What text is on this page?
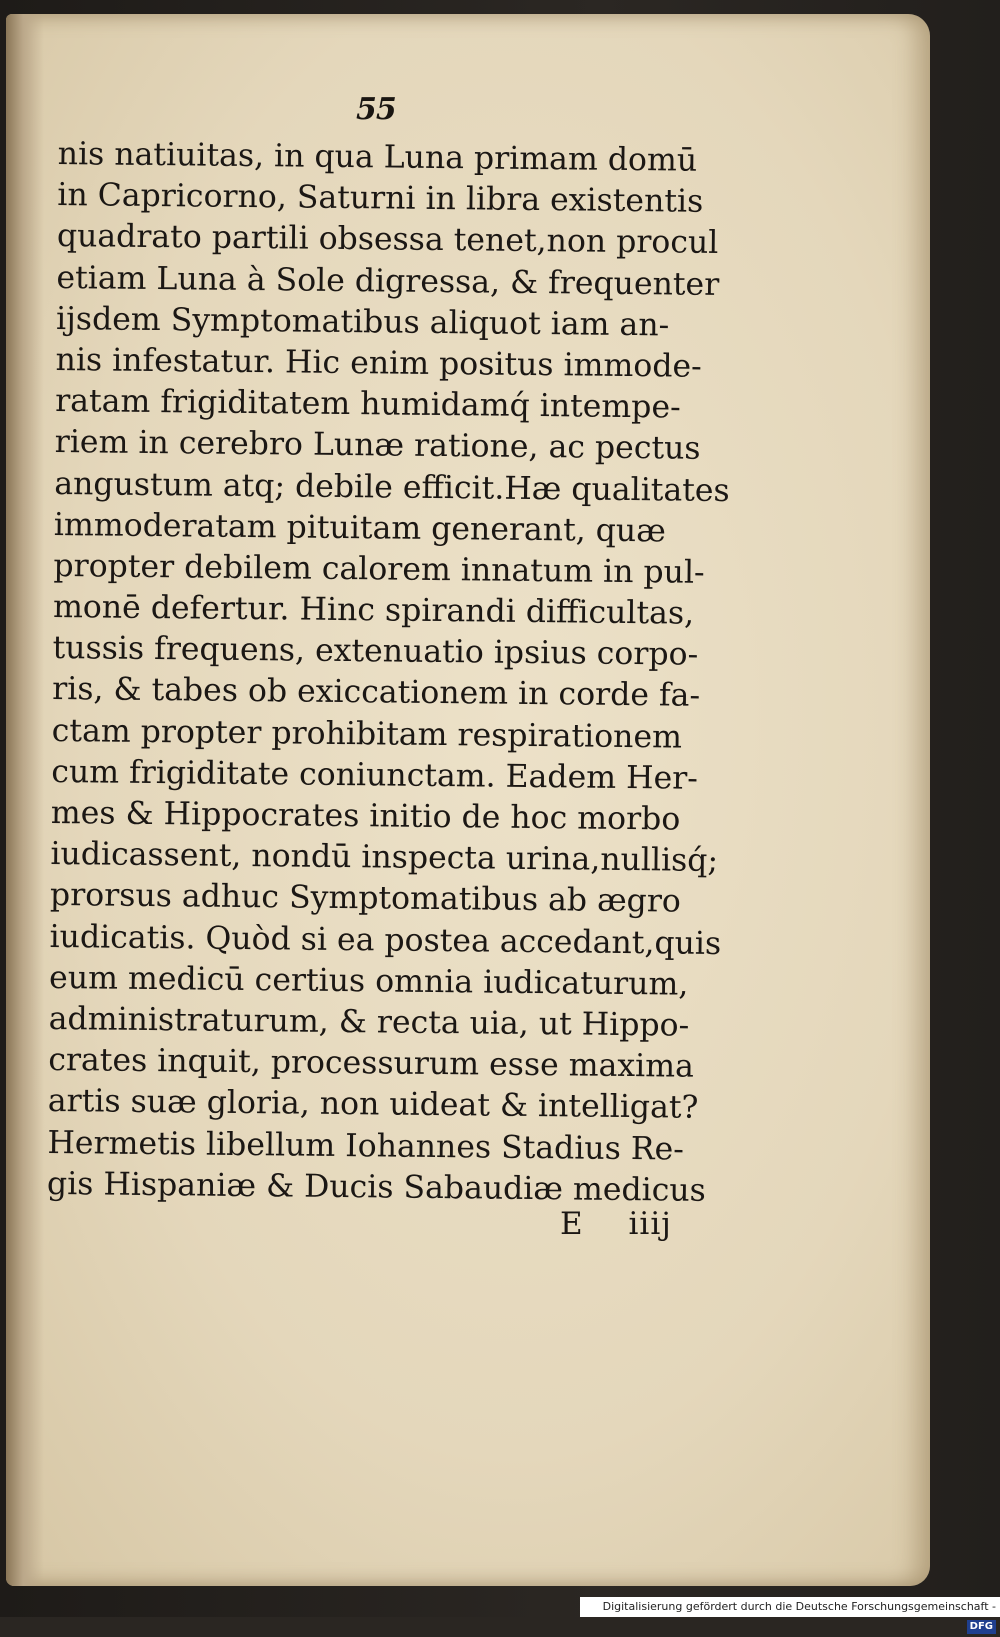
55
nis natiuitas, in qua Luna primam domū
in Capricorno, Saturni in libra existentis
quadrato partili obsessa tenet,non procul
etiam Luna à Sole digressa, & frequenter
ijsdem Symptomatibus aliquot iam an-
nis infestatur. Hic enim positus immode-
ratam frigiditatem humidamq́ intempe-
riem in cerebro Lunæ ratione, ac pectus
angustum atq; debile efficit.Hæ qualitates
immoderatam pituitam generant, quæ
propter debilem calorem innatum in pul-
monē defertur. Hinc spirandi difficultas,
tussis frequens, extenuatio ipsius corpo-
ris, & tabes ob exiccationem in corde fa-
ctam propter prohibitam respirationem
cum frigiditate coniunctam. Eadem Her-
mes & Hippocrates initio de hoc morbo
iudicassent, nondū inspecta urina,nullisq́;
prorsus adhuc Symptomatibus ab ægro
iudicatis. Quòd si ea postea accedant,quis
eum medicū certius omnia iudicaturum,
administraturum, & recta uia, ut Hippo-
crates inquit, processurum esse maxima
artis suæ gloria, non uideat & intelligat?
Hermetis libellum Iohannes Stadius Re-
gis Hispaniæ & Ducis Sabaudiæ medicus
E iiij
Digitalisierung gefördert durch die Deutsche Forschungsgemeinschaft - DFG
